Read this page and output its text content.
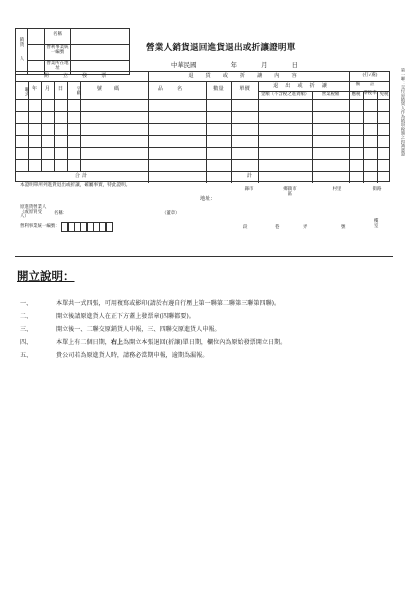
銷貨
人
名稱
營利事業統一編號
營業所在地址
營業人銷貨退回進貨退出或折讓證明單
中華民國	年	月	日
開立發票	退貨或折讓內容	(打✓處)
備註
聯式 年	月	日	字軌	號碼	品名	數量	單價
退出或折讓
金額（不含稅之進貨額）	營業稅額	應稅 零稅率 免稅
合計	計
第一聯：交付原銷貨人作為銷項稅額之扣減憑證
本證明單所列進貨退出或折讓，確屬事實，特此證明。
地址：
縣市	鄉鎮市區
村里	街路
段	巷	弄	號
樓室
原進貨營業人（或原買受人）
名稱：	（蓋章）
營利事業統一編號：
開立說明：
一、	本單共一式四張，可用複寫或影印(請於右邊自行壓上第一聯第二聯第三聯第四聯)。
二、	開立後請原進貨人在正下方蓋上發票章(四聯都要)。
三、	開立後一、二聯交原銷貨人申報，三、四聯交原進貨人申報。
四、	本單上有二個日期，右上為開立本張退回(折讓)單日期，欄位內為原始發票開立日期。
五、	貴公司若為原進貨人時，請務必當期申報，逾期為漏報。
